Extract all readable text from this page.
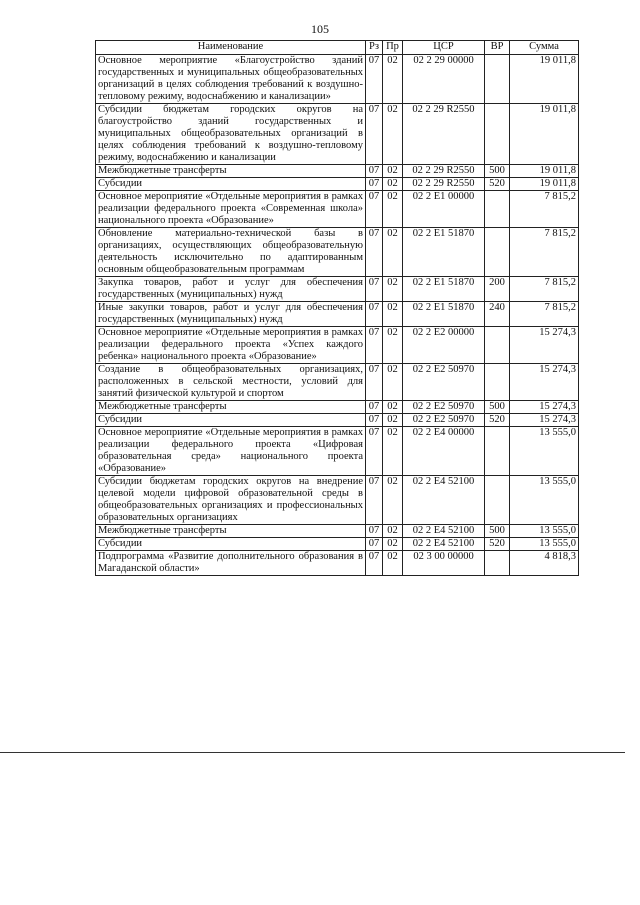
105
Наименование	Рз	Пр	ЦСР	ВР	Сумма
Основное мероприятие «Благоустройство зданий государственных и муниципальных общеобразовательных организаций в целях соблюдения требований к воздушно-тепловому режиму, водоснабжению и канализации»	07	02	02 2 29 00000		19 011,8
Субсидии бюджетам городских округов на благоустройство зданий государственных и муниципальных общеобразовательных организаций в целях соблюдения требований к воздушно-тепловому режиму, водоснабжению и канализации	07	02	02 2 29 R2550		19 011,8
Межбюджетные трансферты	07	02	02 2 29 R2550	500	19 011,8
Субсидии	07	02	02 2 29 R2550	520	19 011,8
Основное мероприятие «Отдельные мероприятия в рамках реализации федерального проекта «Современная школа» национального проекта «Образование»	07	02	02 2 E1 00000		7 815,2
Обновление материально-технической базы в организациях, осуществляющих общеобразовательную деятельность исключительно по адаптированным основным общеобразовательным программам	07	02	02 2 E1 51870		7 815,2
Закупка товаров, работ и услуг для обеспечения государственных (муниципальных) нужд	07	02	02 2 E1 51870	200	7 815,2
Иные закупки товаров, работ и услуг для обеспечения государственных (муниципальных) нужд	07	02	02 2 E1 51870	240	7 815,2
Основное мероприятие «Отдельные мероприятия в рамках реализации федерального проекта «Успех каждого ребенка» национального проекта «Образование»	07	02	02 2 E2 00000		15 274,3
Создание в общеобразовательных организациях, расположенных в сельской местности, условий для занятий физической культурой и спортом	07	02	02 2 E2 50970		15 274,3
Межбюджетные трансферты	07	02	02 2 E2 50970	500	15 274,3
Субсидии	07	02	02 2 E2 50970	520	15 274,3
Основное мероприятие «Отдельные мероприятия в рамках реализации федерального проекта «Цифровая образовательная среда» национального проекта «Образование»	07	02	02 2 E4 00000		13 555,0
Субсидии бюджетам городских округов на внедрение целевой модели цифровой образовательной среды в общеобразовательных организациях и профессиональных образовательных организациях	07	02	02 2 E4 52100		13 555,0
Межбюджетные трансферты	07	02	02 2 E4 52100	500	13 555,0
Субсидии	07	02	02 2 E4 52100	520	13 555,0
Подпрограмма «Развитие дополнительного образования в Магаданской области»	07	02	02 3 00 00000		4 818,3
